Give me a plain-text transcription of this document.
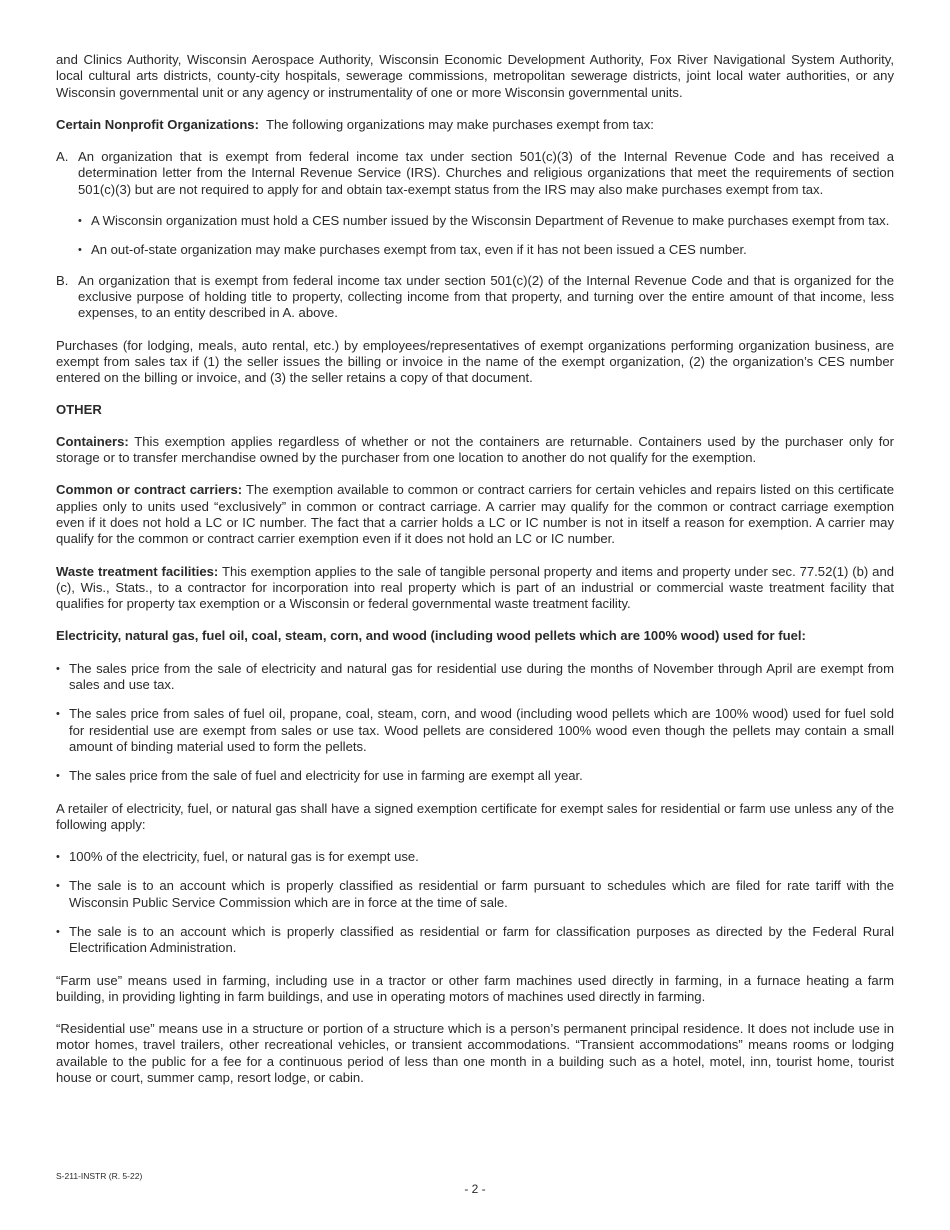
and Clinics Authority, Wisconsin Aerospace Authority, Wisconsin Economic Development Authority, Fox River Navigational System Authority, local cultural arts districts, county-city hospitals, sewerage commissions, metropolitan sewerage districts, joint local water authorities, or any Wisconsin governmental unit or any agency or instrumentality of one or more Wisconsin governmental units.

Certain Nonprofit Organizations: The following organizations may make purchases exempt from tax:

A. An organization that is exempt from federal income tax under section 501(c)(3) of the Internal Revenue Code and has received a determination letter from the Internal Revenue Service (IRS). Churches and religious organizations that meet the requirements of section 501(c)(3) but are not required to apply for and obtain tax-exempt status from the IRS may also make purchases exempt from tax.

• A Wisconsin organization must hold a CES number issued by the Wisconsin Department of Revenue to make purchases exempt from tax.
• An out-of-state organization may make purchases exempt from tax, even if it has not been issued a CES number.
B. An organization that is exempt from federal income tax under section 501(c)(2) of the Internal Revenue Code and that is organized for the exclusive purpose of holding title to property, collecting income from that property, and turning over the entire amount of that income, less expenses, to an entity described in A. above.

Purchases (for lodging, meals, auto rental, etc.) by employees/representatives of exempt organizations performing organization business, are exempt from sales tax if (1) the seller issues the billing or invoice in the name of the exempt organization, (2) the organization’s CES number entered on the billing or invoice, and (3) the seller retains a copy of that document.

OTHER

Containers: This exemption applies regardless of whether or not the containers are returnable. Containers used by the purchaser only for storage or to transfer merchandise owned by the purchaser from one location to another do not qualify for the exemption.

Common or contract carriers: The exemption available to common or contract carriers for certain vehicles and repairs listed on this certificate applies only to units used “exclusively” in common or contract carriage. A carrier may qualify for the common or contract carriage exemption even if it does not hold a LC or IC number. The fact that a carrier holds a LC or IC number is not in itself a reason for exemption. A carrier may qualify for the common or contract carrier exemption even if it does not hold an LC or IC number.

Waste treatment facilities: This exemption applies to the sale of tangible personal property and items and property under sec. 77.52(1) (b) and (c), Wis., Stats., to a contractor for incorporation into real property which is part of an industrial or commercial waste treatment facility that qualifies for property tax exemption or a Wisconsin or federal governmental waste treatment facility.

Electricity, natural gas, fuel oil, coal, steam, corn, and wood (including wood pellets which are 100% wood) used for fuel:

• The sales price from the sale of electricity and natural gas for residential use during the months of November through April are exempt from sales and use tax.
• The sales price from sales of fuel oil, propane, coal, steam, corn, and wood (including wood pellets which are 100% wood) used for fuel sold for residential use are exempt from sales or use tax. Wood pellets are considered 100% wood even though the pellets may contain a small amount of binding material used to form the pellets.
• The sales price from the sale of fuel and electricity for use in farming are exempt all year.

A retailer of electricity, fuel, or natural gas shall have a signed exemption certificate for exempt sales for residential or farm use unless any of the following apply:

• 100% of the electricity, fuel, or natural gas is for exempt use.
• The sale is to an account which is properly classified as residential or farm pursuant to schedules which are filed for rate tariff with the Wisconsin Public Service Commission which are in force at the time of sale.
• The sale is to an account which is properly classified as residential or farm for classification purposes as directed by the Federal Rural Electrification Administration.

“Farm use” means used in farming, including use in a tractor or other farm machines used directly in farming, in a furnace heating a farm building, in providing lighting in farm buildings, and use in operating motors of machines used directly in farming.

“Residential use” means use in a structure or portion of a structure which is a person’s permanent principal residence. It does not include use in motor homes, travel trailers, other recreational vehicles, or transient accommodations. “Transient accommodations” means rooms or lodging available to the public for a fee for a continuous period of less than one month in a building such as a hotel, motel, inn, tourist home, tourist house or court, summer camp, resort lodge, or cabin.

S-211-INSTR (R. 5-22)
- 2 -
